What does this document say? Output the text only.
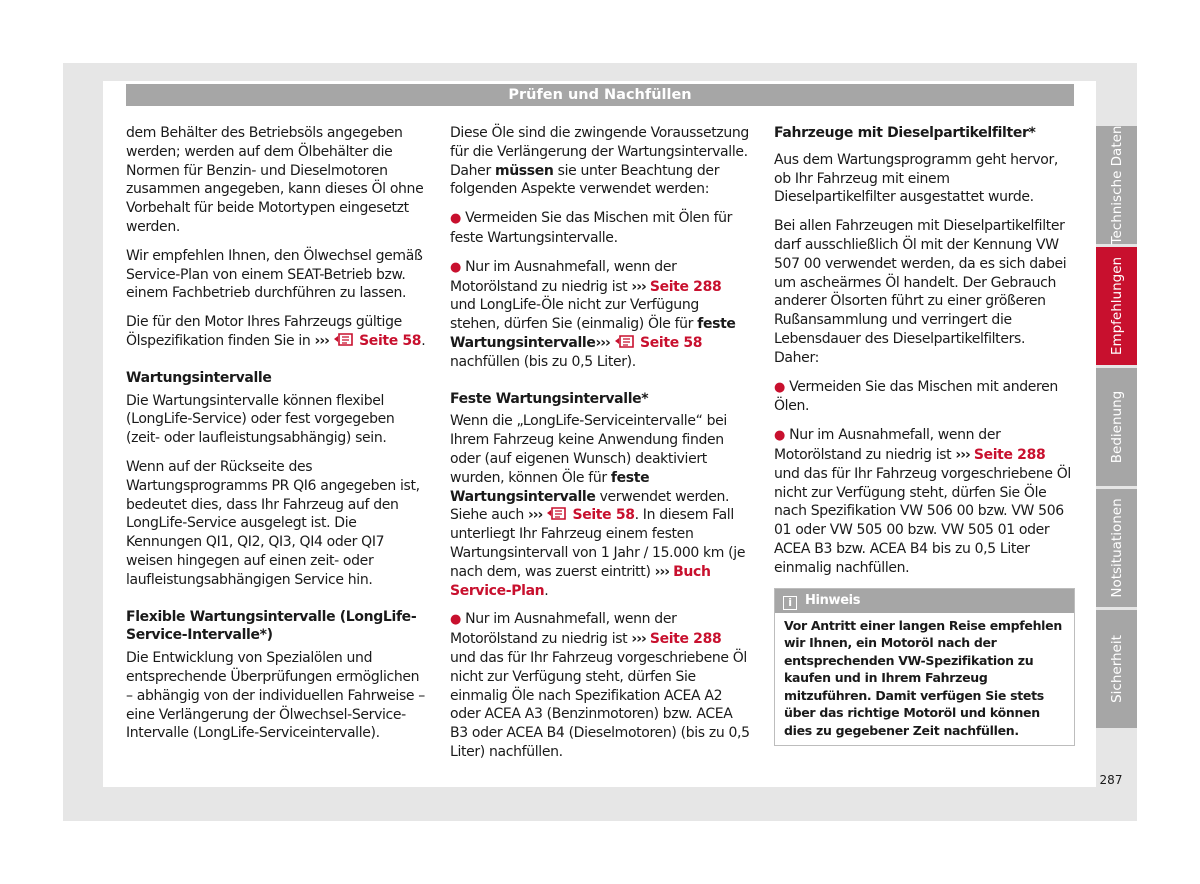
Prüfen und Nachfüllen

dem Behälter des Betriebsöls angegeben werden; werden auf dem Ölbehälter die Normen für Benzin- und Dieselmotoren zusammen angegeben, kann dieses Öl ohne Vorbehalt für beide Motortypen eingesetzt werden.

Wir empfehlen Ihnen, den Ölwechsel gemäß Service-Plan von einem SEAT-Betrieb bzw. einem Fachbetrieb durchführen zu lassen.

Die für den Motor Ihres Fahrzeugs gültige Ölspezifikation finden Sie in ››› Seite 58.

Wartungsintervalle

Die Wartungsintervalle können flexibel (LongLife-Service) oder fest vorgegeben (zeit- oder laufleistungsabhängig) sein.

Wenn auf der Rückseite des Wartungsprogramms PR QI6 angegeben ist, bedeutet dies, dass Ihr Fahrzeug auf den LongLife-Service ausgelegt ist. Die Kennungen QI1, QI2, QI3, QI4 oder QI7 weisen hingegen auf einen zeit- oder laufleistungsabhängigen Service hin.

Flexible Wartungsintervalle (LongLife-Service-Intervalle*)

Die Entwicklung von Spezialölen und entsprechende Überprüfungen ermöglichen – abhängig von der individuellen Fahrweise – eine Verlängerung der Ölwechsel-Service-Intervalle (LongLife-Serviceintervalle).

Diese Öle sind die zwingende Voraussetzung für die Verlängerung der Wartungsintervalle. Daher müssen sie unter Beachtung der folgenden Aspekte verwendet werden:

● Vermeiden Sie das Mischen mit Ölen für feste Wartungsintervalle.

● Nur im Ausnahmefall, wenn der Motorölstand zu niedrig ist ››› Seite 288 und LongLife-Öle nicht zur Verfügung stehen, dürfen Sie (einmalig) Öle für feste Wartungsintervalle››› Seite 58 nachfüllen (bis zu 0,5 Liter).

Feste Wartungsintervalle*

Wenn die „LongLife-Serviceintervalle“ bei Ihrem Fahrzeug keine Anwendung finden oder (auf eigenen Wunsch) deaktiviert wurden, können Öle für feste Wartungsintervalle verwendet werden. Siehe auch ››› Seite 58. In diesem Fall unterliegt Ihr Fahrzeug einem festen Wartungsintervall von 1 Jahr / 15.000 km (je nach dem, was zuerst eintritt) ››› Buch Service-Plan.

● Nur im Ausnahmefall, wenn der Motorölstand zu niedrig ist ››› Seite 288 und das für Ihr Fahrzeug vorgeschriebene Öl nicht zur Verfügung steht, dürfen Sie einmalig Öle nach Spezifikation ACEA A2 oder ACEA A3 (Benzinmotoren) bzw. ACEA B3 oder ACEA B4 (Dieselmotoren) (bis zu 0,5 Liter) nachfüllen.

Fahrzeuge mit Dieselpartikelfilter*

Aus dem Wartungsprogramm geht hervor, ob Ihr Fahrzeug mit einem Dieselpartikelfilter ausgestattet wurde.

Bei allen Fahrzeugen mit Dieselpartikelfilter darf ausschließlich Öl mit der Kennung VW 507 00 verwendet werden, da es sich dabei um ascheärmes Öl handelt. Der Gebrauch anderer Ölsorten führt zu einer größeren Rußansammlung und verringert die Lebensdauer des Dieselpartikelfilters. Daher:

● Vermeiden Sie das Mischen mit anderen Ölen.

● Nur im Ausnahmefall, wenn der Motorölstand zu niedrig ist ››› Seite 288 und das für Ihr Fahrzeug vorgeschriebene Öl nicht zur Verfügung steht, dürfen Sie Öle nach Spezifikation VW 506 00 bzw. VW 506 01 oder VW 505 00 bzw. VW 505 01 oder ACEA B3 bzw. ACEA B4 bis zu 0,5 Liter einmalig nachfüllen.

i Hinweis
Vor Antritt einer langen Reise empfehlen wir Ihnen, ein Motoröl nach der entsprechenden VW-Spezifikation zu kaufen und in Ihrem Fahrzeug mitzuführen. Damit verfügen Sie stets über das richtige Motoröl und können dies zu gegebener Zeit nachfüllen.
Technische Daten
Empfehlungen
Bedienung
Notsituationen
Sicherheit
287
